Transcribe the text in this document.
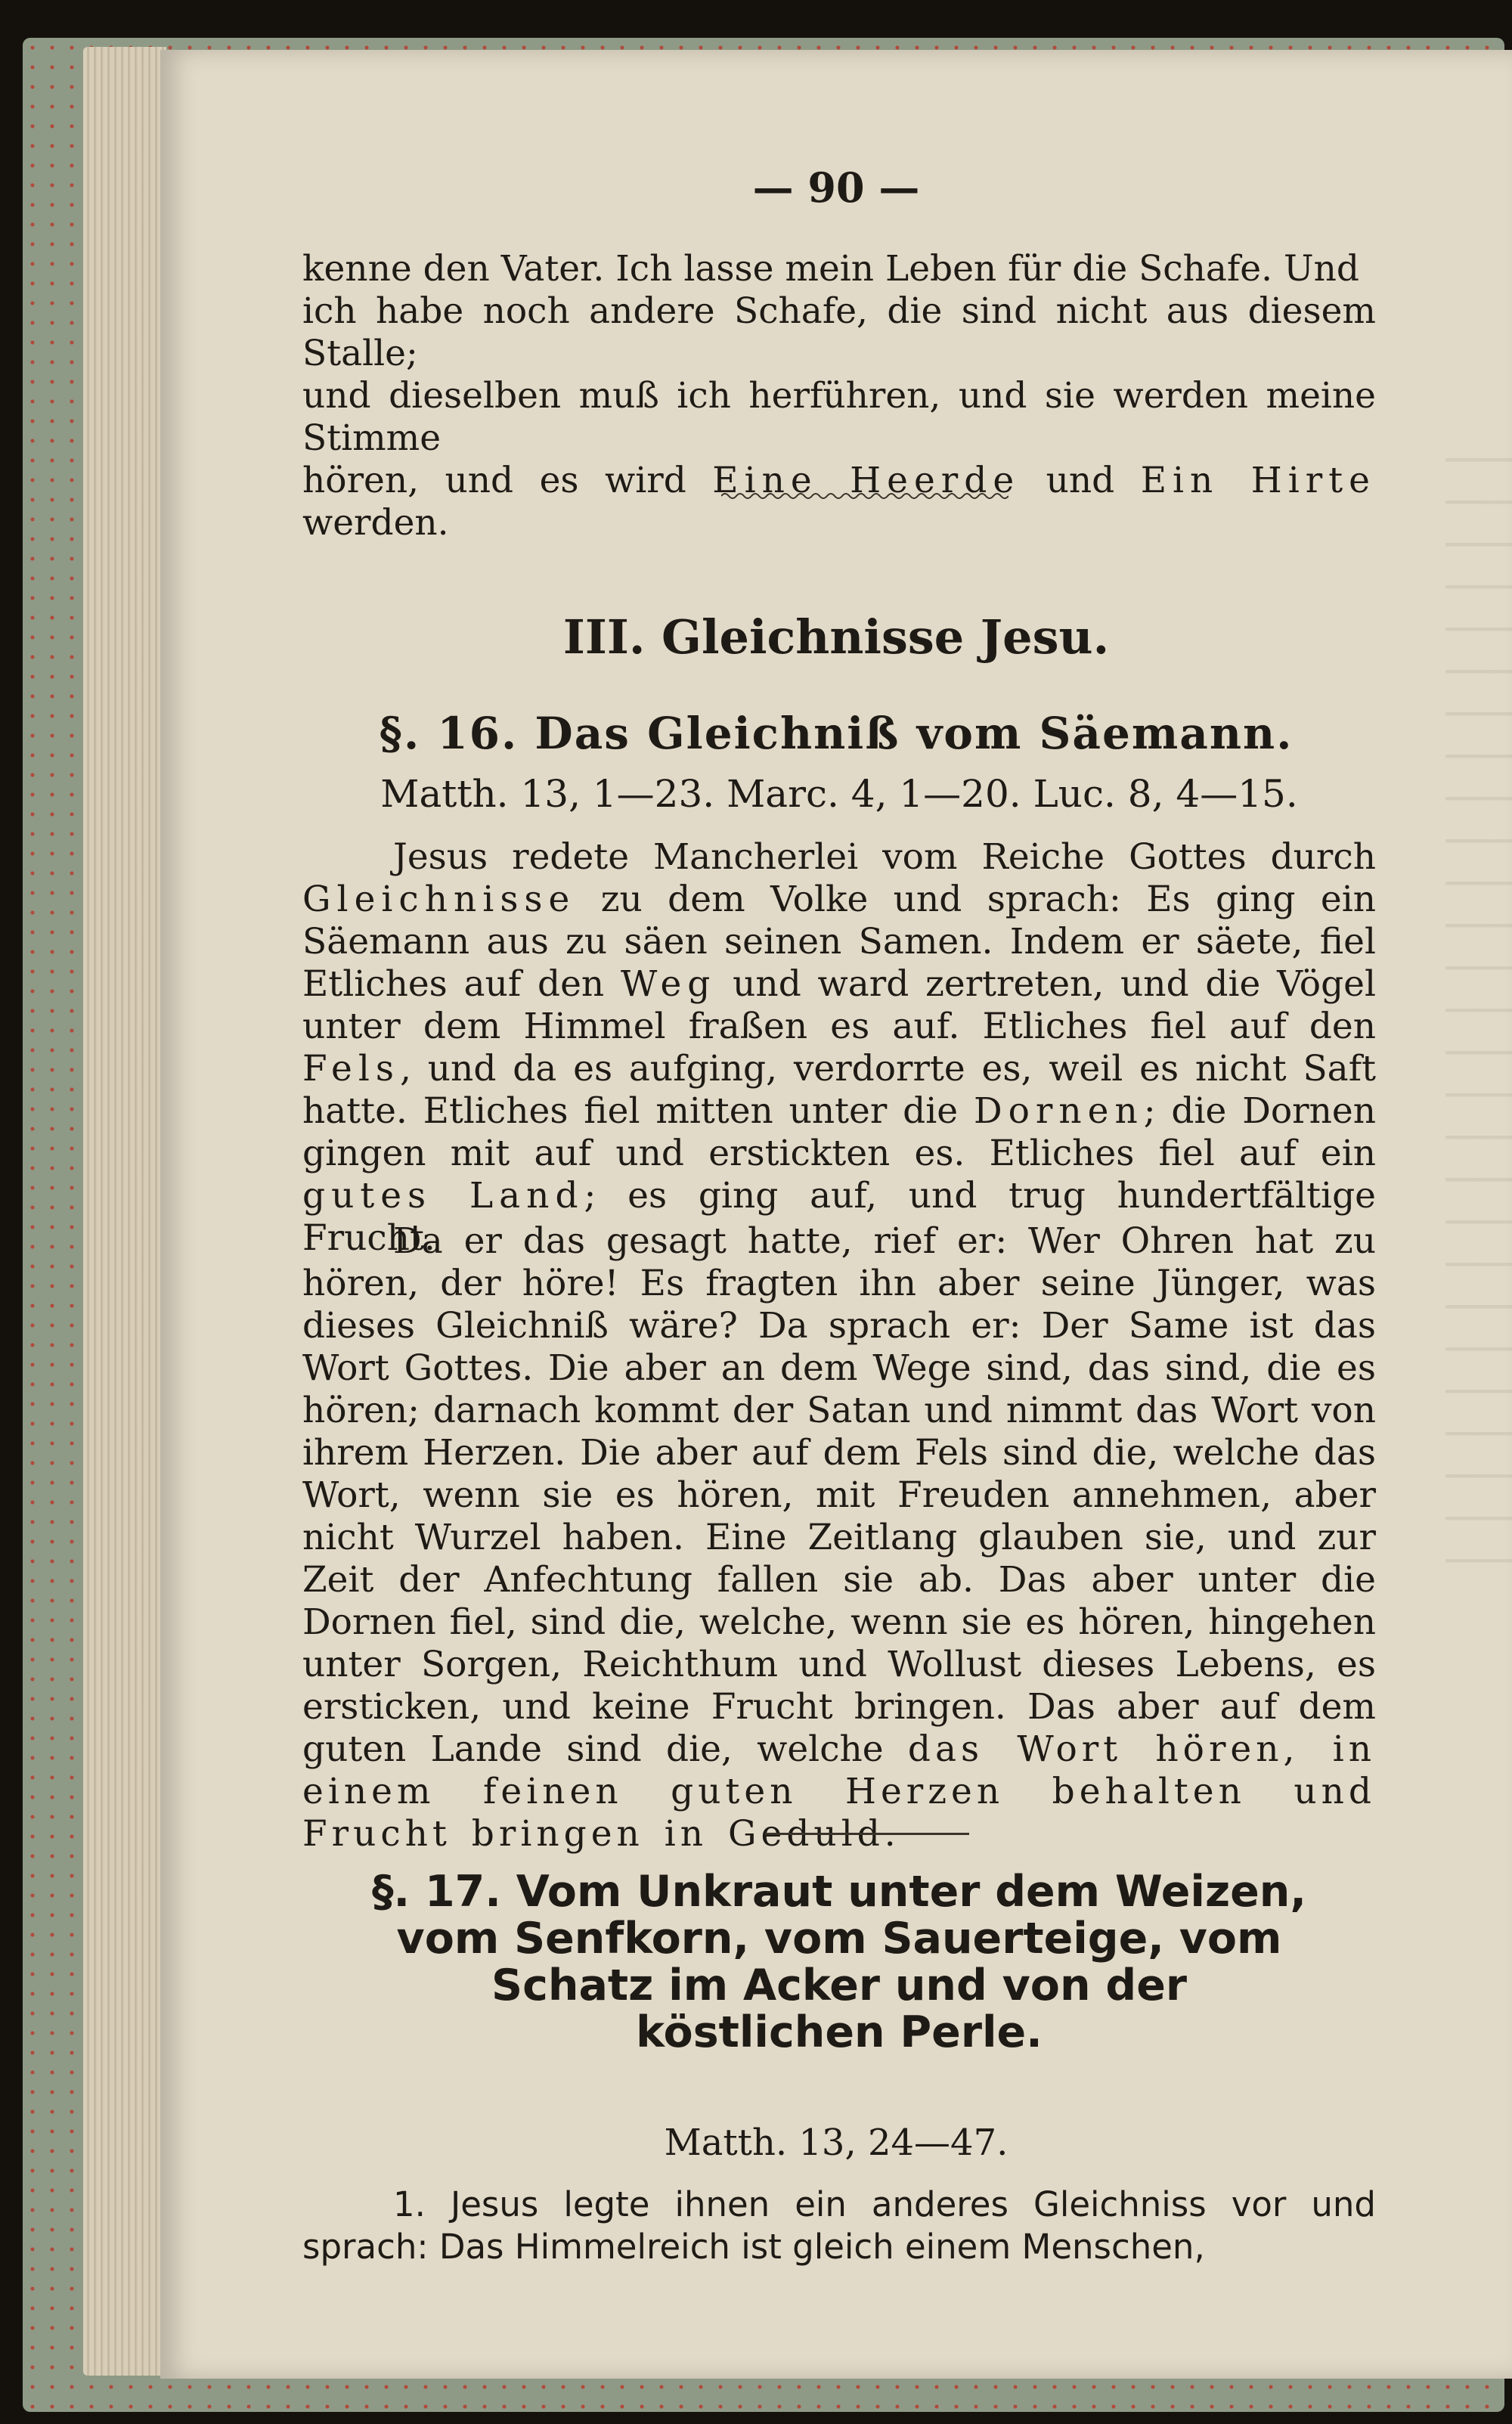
— 90 —
kenne den Vater. Ich lasse mein Leben für die Schafe. Und
ich habe noch andere Schafe, die sind nicht aus diesem Stalle;
und dieselben muß ich herführen, und sie werden meine Stimme
hören, und es wird Eine Heerde und Ein Hirte werden.
III. Gleichnisse Jesu.
§. 16. Das Gleichniß vom Säemann.
Matth. 13, 1—23. Marc. 4, 1—20. Luc. 8, 4—15.
Jesus redete Mancherlei vom Reiche Gottes durch Gleichnisse zu dem Volke und sprach: Es ging ein Säemann aus zu säen seinen Samen. Indem er säete, fiel Etliches auf den Weg und ward zertreten, und die Vögel unter dem Himmel fraßen es auf. Etliches fiel auf den Fels, und da es aufging, verdorrte es, weil es nicht Saft hatte. Etliches fiel mitten unter die Dornen; die Dornen gingen mit auf und erstickten es. Etliches fiel auf ein gutes Land; es ging auf, und trug hundertfältige Frucht.
Da er das gesagt hatte, rief er: Wer Ohren hat zu hören, der höre! Es fragten ihn aber seine Jünger, was dieses Gleichniß wäre? Da sprach er: Der Same ist das Wort Gottes. Die aber an dem Wege sind, das sind, die es hören; darnach kommt der Satan und nimmt das Wort von ihrem Herzen. Die aber auf dem Fels sind die, welche das Wort, wenn sie es hören, mit Freuden annehmen, aber nicht Wurzel haben. Eine Zeitlang glauben sie, und zur Zeit der Anfechtung fallen sie ab. Das aber unter die Dornen fiel, sind die, welche, wenn sie es hören, hingehen unter Sorgen, Reichthum und Wollust dieses Lebens, es ersticken, und keine Frucht bringen. Das aber auf dem guten Lande sind die, welche das Wort hören, in einem feinen guten Herzen behalten und Frucht bringen in Geduld.
§. 17. Vom Unkraut unter dem Weizen,
vom Senfkorn, vom Sauerteige, vom
Schatz im Acker und von der
köstlichen Perle.
Matth. 13, 24—47.
1. Jesus legte ihnen ein anderes Gleichniss vor und sprach: Das Himmelreich ist gleich einem Menschen,
